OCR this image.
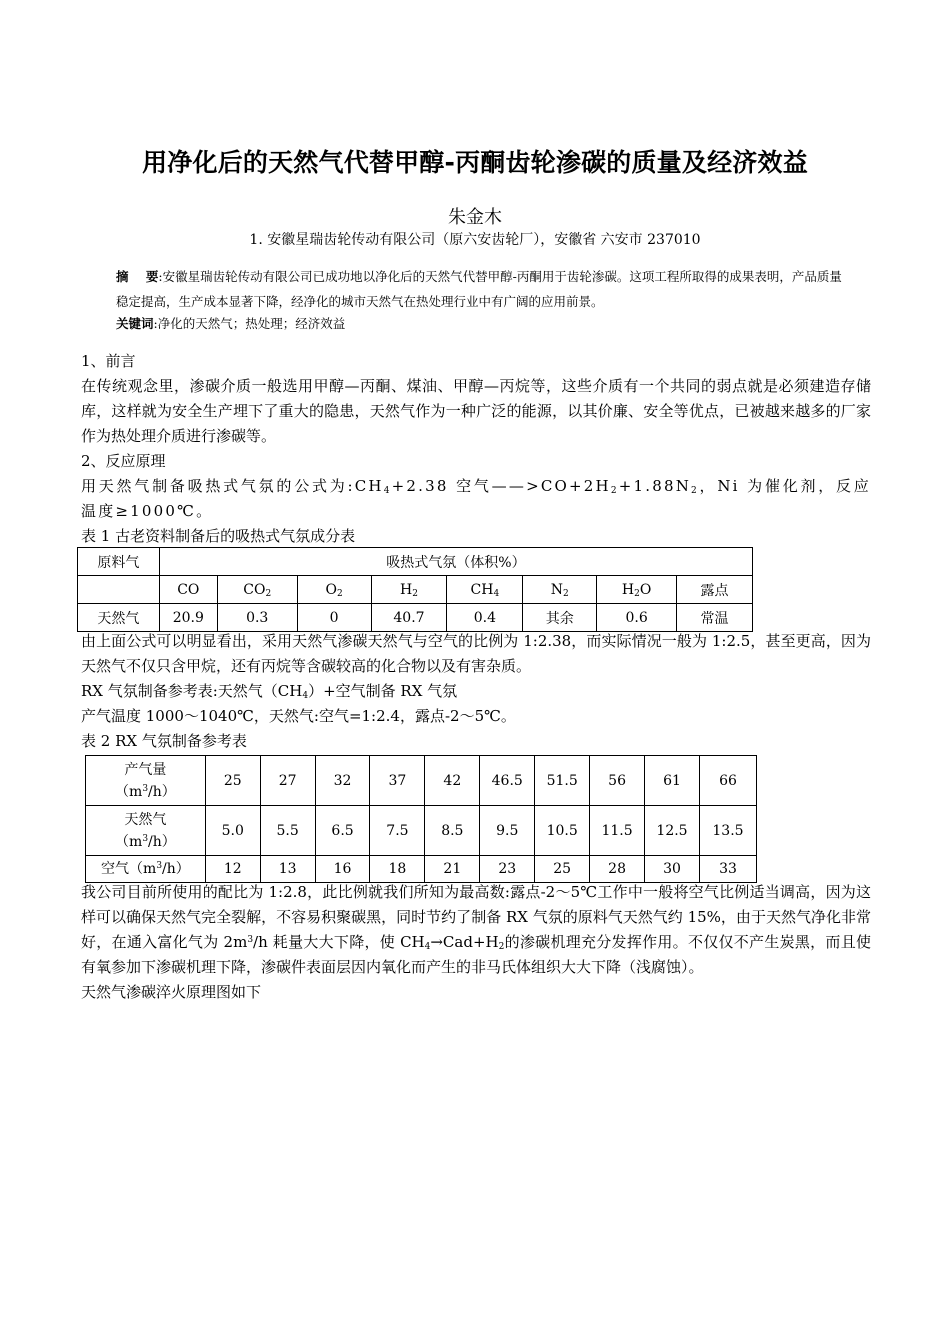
用净化后的天然气代替甲醇-丙酮齿轮渗碳的质量及经济效益
朱金木
1. 安徽星瑞齿轮传动有限公司（原六安齿轮厂），安徽省 六安市 237010
摘    要:安徽星瑞齿轮传动有限公司已成功地以净化后的天然气代替甲醇-丙酮用于齿轮渗碳。这项工程所取得的成果表明，产品质量稳定提高，生产成本显著下降，经净化的城市天然气在热处理行业中有广阔的应用前景。
关键词:净化的天然气；热处理；经济效益

1、前言

在传统观念里，渗碳介质一般选用甲醇—丙酮、煤油、甲醇—丙烷等，这些介质有一个共同的弱点就是必须建造存储库，这样就为安全生产埋下了重大的隐患，天然气作为一种广泛的能源，以其价廉、安全等优点，已被越来越多的厂家作为热处理介质进行渗碳等。

2、反应原理

用天然气制备吸热式气氛的公式为$:CH_4+2.38$ 空气$——>CO+2H_2+1.88N_2$，Ni 为催化剂，反应温度≥1000℃。

表 1 古老资料制备后的吸热式气氛成分表

原料气	吸热式气氛（体积%）							
	CO	$CO_2$	$O_2$	$H_2$	$CH_4$	$N_2$	$H_2O$	露点
天然气	20.9	0.3	0	40.7	0.4	其余	0.6	常温

由上面公式可以明显看出，采用天然气渗碳天然气与空气的比例为 1:2.38，而实际情况一般为 1:2.5，甚至更高，因为天然气不仅只含甲烷，还有丙烷等含碳较高的化合物以及有害杂质。

RX 气氛制备参考表:天然气$(CH_4)+$空气制备 RX 气氛

产气温度 1000～1040℃，天然气:空气=1:2.4，露点-2～5℃。

表 2 RX 气氛制备参考表

产气量
$(m^3/h)$	25	27	32	37	42	46.5	51.5	56	61	66

天然气
$(m^3/h)$	5.0	5.5	6.5	7.5	8.5	9.5	10.5	11.5	12.5	13.5
空气$(m^3/h)$	12	13	16	18	21	23	25	28	30	33

我公司目前所使用的配比为 1:2.8，此比例就我们所知为最高数:露点-2～5℃工作中一般将空气比例适当调高，因为这样可以确保天然气完全裂解，不容易积聚碳黑，同时节约了制备 RX 气氛的原料气天然气约 15%，由于天然气净化非常好，在通入富化气为 $2m^3/h$ 耗量大大下降，使 $CH_4\to Cad+H_2$的渗碳机理充分发挥作用。不仅仅不产生炭黑，而且使有氧参加下渗碳机理下降，渗碳件表面层因内氧化而产生的非马氏体组织大大下降（浅腐蚀）。

天然气渗碳淬火原理图如下
